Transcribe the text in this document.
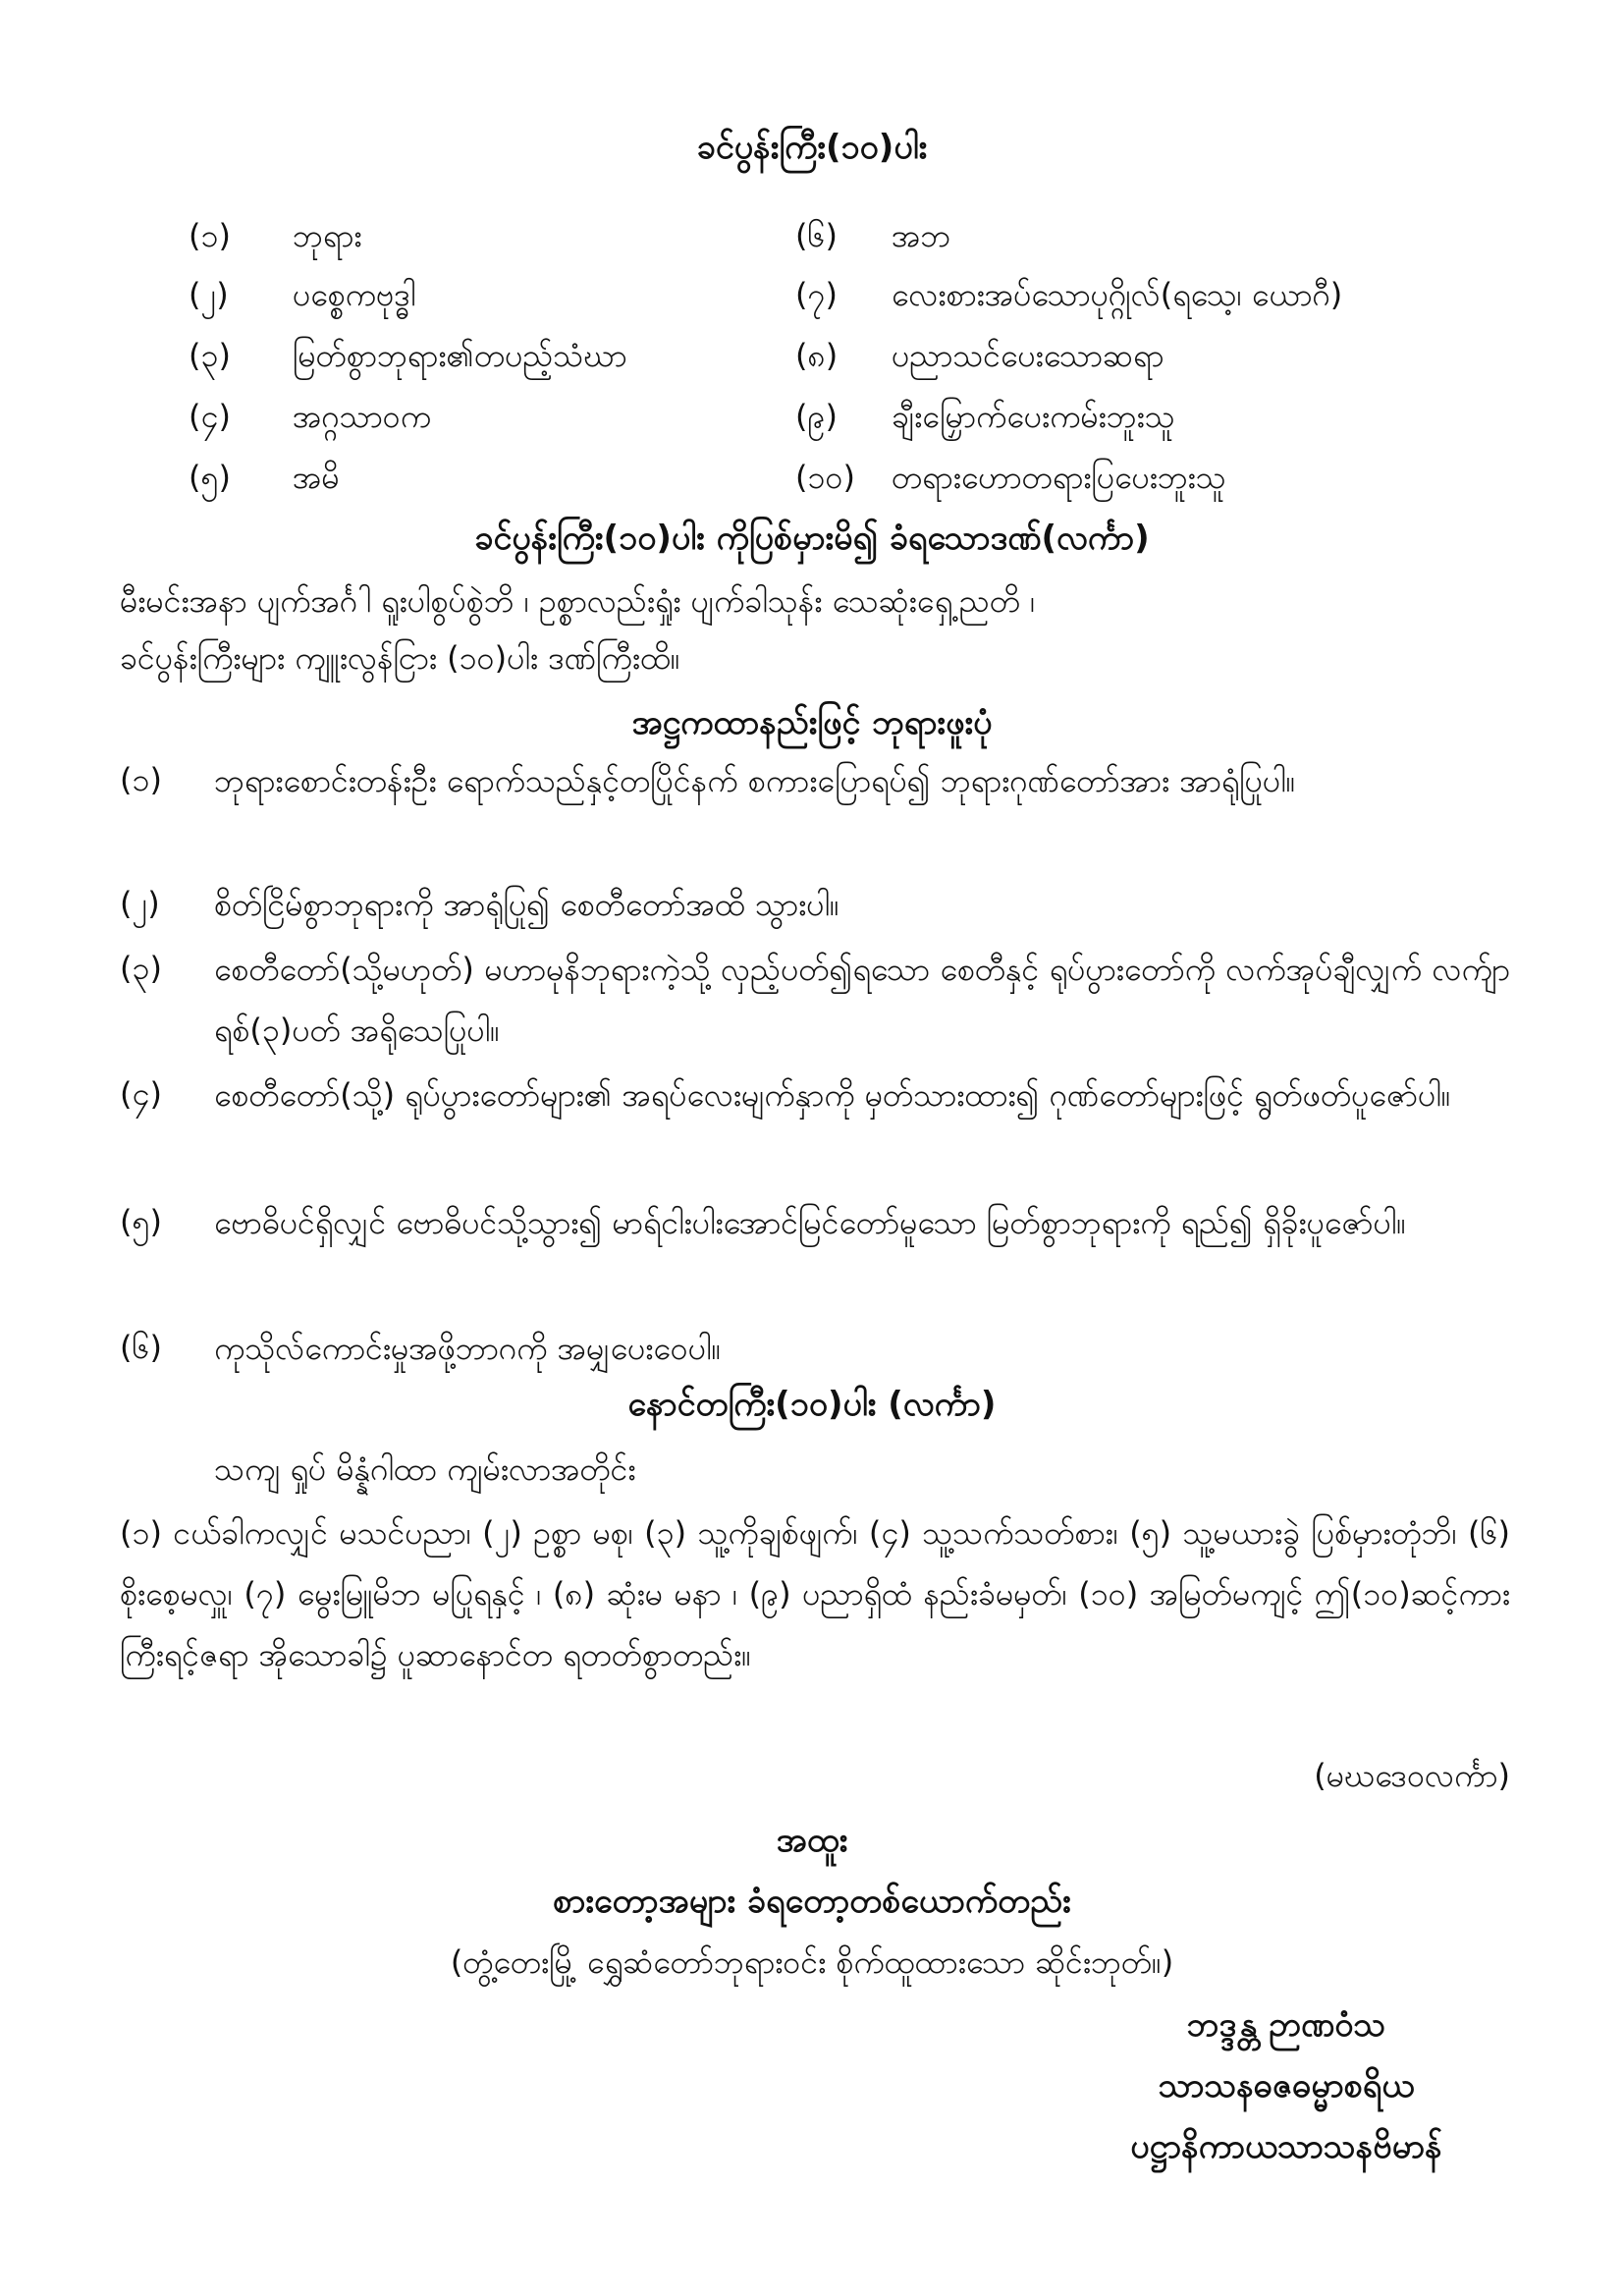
ခင်ပွန်းကြီး(၁၀)ပါး
(၁) ဘုရား
(၂) ပစ္စေကဗုဒ္ဓါ
(၃) မြတ်စွာဘုရား၏တပည့်သံဃာ
(၄) အဂ္ဂသာဝက
(၅) အမိ
(၆) အဘ
(၇) လေးစားအပ်သောပုဂ္ဂိုလ်(ရသေ့၊ ယောဂီ)
(၈) ပညာသင်ပေးသောဆရာ
(၉) ချီးမြှောက်ပေးကမ်းဘူးသူ
(၁၀) တရားဟောတရားပြပေးဘူးသူ
ခင်ပွန်းကြီး(၁၀)ပါး ကိုပြစ်မှားမိ၍ ခံရသောဒဏ်(လင်္ကာ)
မီးမင်းအနာ ပျက်အင်္ဂါ ရူးပါစွပ်စွဲဘိ ၊ ဥစ္စာလည်းရှုံး ပျက်ခါသုန်း သေဆုံးရှေ့ညတိ ၊
ခင်ပွန်းကြီးများ ကျူးလွန်ငြား (၁၀)ပါး ဒဏ်ကြီးထိ။
အဋ္ဌကထာနည်းဖြင့် ဘုရားဖူးပုံ
(၁) ဘုရားစောင်းတန်းဦး ရောက်သည်နှင့်တပြိုင်နက် စကားပြောရပ်၍ ဘုရားဂုဏ်တော်အား အာရုံပြုပါ။
(၂) စိတ်ငြိမ်စွာဘုရားကို အာရုံပြု၍ စေတီတော်အထိ သွားပါ။
(၃) စေတီတော်(သို့မဟုတ်) မဟာမုနိဘုရားကဲ့သို့ လှည့်ပတ်၍ရသော စေတီနှင့် ရုပ်ပွားတော်ကို လက်အုပ်ချီလျှက် လက်ျာရစ်(၃)ပတ် အရိုသေပြုပါ။
(၄) စေတီတော်(သို့) ရုပ်ပွားတော်များ၏ အရပ်လေးမျက်နှာကို မှတ်သားထား၍ ဂုဏ်တော်များဖြင့် ရွတ်ဖတ်ပူဇော်ပါ။
(၅) ဗောဓိပင်ရှိလျှင် ဗောဓိပင်သို့သွား၍ မာရ်ငါးပါးအောင်မြင်တော်မူသော မြတ်စွာဘုရားကို ရည်၍ ရှိခိုးပူဇော်ပါ။
(၆) ကုသိုလ်ကောင်းမှုအဖို့ဘာဂကို အမျှပေးဝေပါ။
နောင်တကြီး(၁၀)ပါး (လင်္ကာ)
သကျ ရှုပ် မိန္နံဂါထာ ကျမ်းလာအတိုင်း
(၁) ငယ်ခါကလျှင် မသင်ပညာ၊ (၂) ဥစ္စာ မစု၊ (၃) သူ့ကိုချစ်ဖျက်၊ (၄) သူ့သက်သတ်စား၊ (၅) သူ့မယားခွဲ ပြစ်မှားတုံဘိ၊ (၆) စိုးစေ့မလှူ၊ (၇) မွေးမြူမိဘ မပြုရနှင့် ၊ (၈) ဆုံးမ မနာ ၊ (၉) ပညာရှိထံ နည်းခံမမှတ်၊ (၁၀) အမြတ်မကျင့် ဤ(၁၀)ဆင့်ကား ကြီးရင့်ဇရာ အိုသောခါ၌ ပူဆာနောင်တ ရတတ်စွာတည်း။
(မဃဒေဝလင်္ကာ)
အထူး
စားတော့အများ ခံရတော့တစ်ယောက်တည်း
(တွံ့တေးမြို့ ရွှေဆံတော်ဘုရားဝင်း စိုက်ထူထားသော ဆိုင်းဘုတ်။)
ဘဒ္ဒန္တ ဉာဏဝံသ
သာသနဓဇဓမ္မာစရိယ
ပဋ္ဌာနိကာယသာသနဗိမာန်
